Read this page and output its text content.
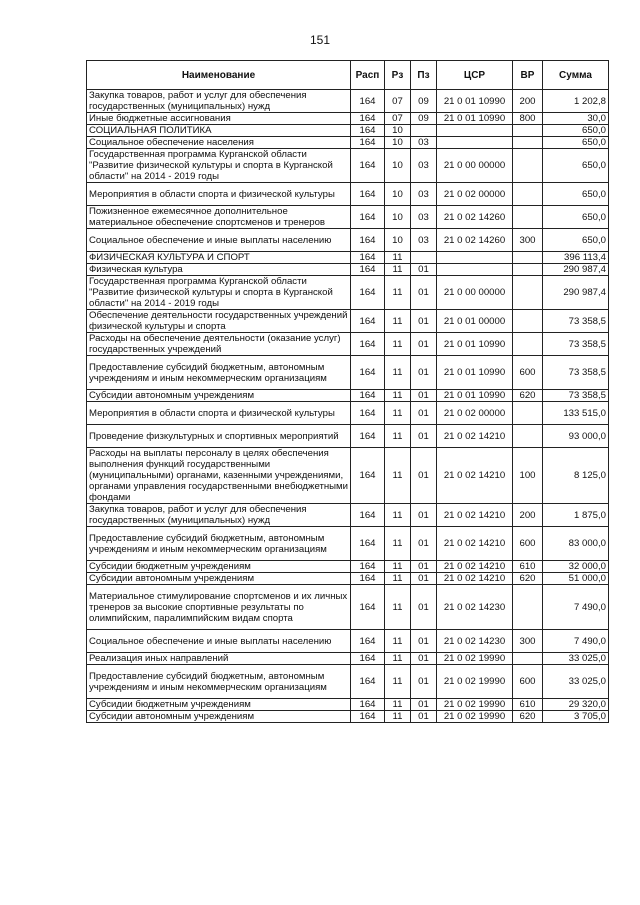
151
Наименование	Расп	Рз	Пз	ЦСР	ВР	Сумма
Закупка товаров, работ и услуг для обеспечения государственных (муниципальных) нужд	164	07	09	21 0 01 10990	200	1 202,8
Иные бюджетные ассигнования	164	07	09	21 0 01 10990	800	30,0
СОЦИАЛЬНАЯ ПОЛИТИКА	164	10				650,0
Социальное обеспечение населения	164	10	03			650,0
Государственная программа Курганской области "Развитие физической культуры и спорта в Курганской области" на 2014 - 2019 годы	164	10	03	21 0 00 00000		650,0
Мероприятия в области спорта и физической культуры	164	10	03	21 0 02 00000		650,0
Пожизненное ежемесячное дополнительное материальное обеспечение спортсменов и тренеров	164	10	03	21 0 02 14260		650,0
Социальное обеспечение и иные выплаты населению	164	10	03	21 0 02 14260	300	650,0
ФИЗИЧЕСКАЯ КУЛЬТУРА И СПОРТ	164	11				396 113,4
Физическая культура	164	11	01			290 987,4
Государственная программа Курганской области "Развитие физической культуры и спорта в Курганской области" на 2014 - 2019 годы	164	11	01	21 0 00 00000		290 987,4
Обеспечение деятельности государственных учреждений физической культуры и спорта	164	11	01	21 0 01 00000		73 358,5
Расходы на обеспечение деятельности (оказание услуг) государственных учреждений	164	11	01	21 0 01 10990		73 358,5
Предоставление субсидий бюджетным, автономным учреждениям и иным некоммерческим организациям	164	11	01	21 0 01 10990	600	73 358,5
Субсидии автономным учреждениям	164	11	01	21 0 01 10990	620	73 358,5
Мероприятия в области спорта и физической культуры	164	11	01	21 0 02 00000		133 515,0
Проведение физкультурных и спортивных мероприятий	164	11	01	21 0 02 14210		93 000,0
Расходы на выплаты персоналу в целях обеспечения выполнения функций государственными (муниципальными) органами, казенными учреждениями, органами управления государственными внебюджетными фондами	164	11	01	21 0 02 14210	100	8 125,0
Закупка товаров, работ и услуг для обеспечения государственных (муниципальных) нужд	164	11	01	21 0 02 14210	200	1 875,0
Предоставление субсидий бюджетным, автономным учреждениям и иным некоммерческим организациям	164	11	01	21 0 02 14210	600	83 000,0
Субсидии бюджетным учреждениям	164	11	01	21 0 02 14210	610	32 000,0
Субсидии автономным учреждениям	164	11	01	21 0 02 14210	620	51 000,0
Материальное стимулирование спортсменов и их личных тренеров за высокие спортивные результаты по олимпийским, паралимпийским видам спорта	164	11	01	21 0 02 14230		7 490,0
Социальное обеспечение и иные выплаты населению	164	11	01	21 0 02 14230	300	7 490,0
Реализация иных направлений	164	11	01	21 0 02 19990		33 025,0
Предоставление субсидий бюджетным, автономным учреждениям и иным некоммерческим организациям	164	11	01	21 0 02 19990	600	33 025,0
Субсидии бюджетным учреждениям	164	11	01	21 0 02 19990	610	29 320,0
Субсидии автономным учреждениям	164	11	01	21 0 02 19990	620	3 705,0
